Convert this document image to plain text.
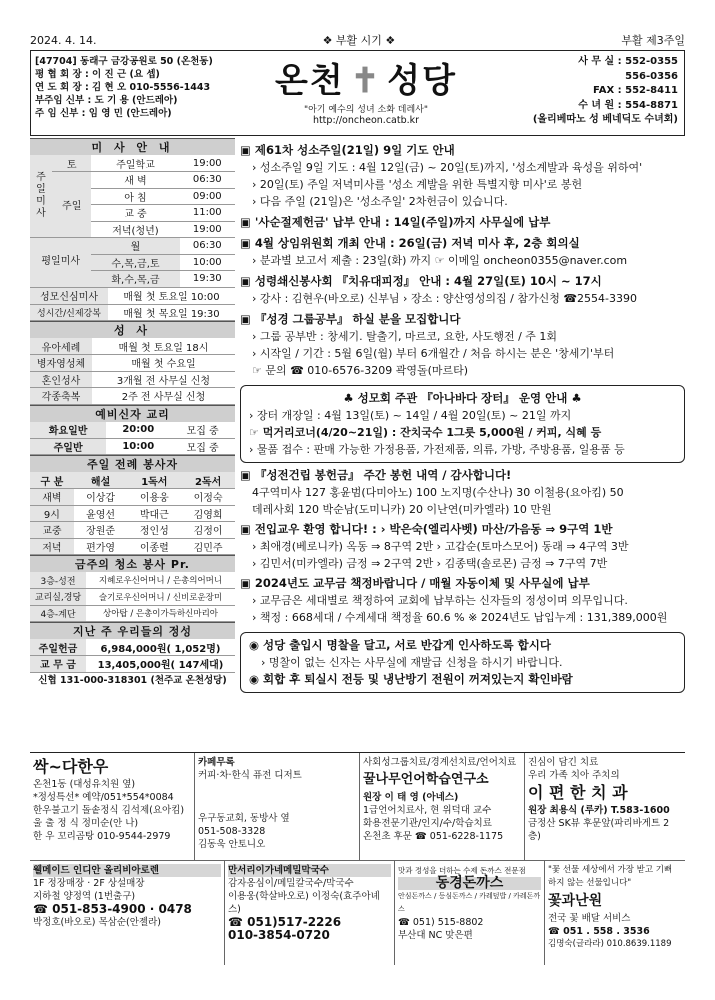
2024. 4. 14.	❖ 부활 시기 ❖	부활 제3주일
[47704] 동래구 금강공원로 50 (온천동)
평 협 회 장 : 이 진 근 (요 셉)
연 도 회 장 : 김 현 오 010-5556-1443
부주임 신부 : 도 기 용 (안드레아)
주 임 신부 : 임 영 민 (안드레아)
온천 ✝ 성당
"아기 예수의 성녀 소화 데레사"
http://oncheon.catb.kr
사 무 실 : 552-0355
556-0356
FAX : 552-8411
수 녀 원 : 554-8871
(올리베따노 성 베네딕도 수녀회)
미 사 안 내
주일미사	토	주일학교	19:00
	주일	새 벽	06:30
		아 침	09:00
		교 중	11:00
		저녁(청년)	19:00
평일미사		월	06:30
		수,목,금,토	10:00
		화,수,목,금	19:30
성모신심미사	매월 첫 토요일 10:00
성시간/신제강복	매월 첫 목요일 19:30
성 사
유아세례	매월 첫 토요일 18시
병자영성체	매월 첫 수요일
혼인성사	3개월 전 사무실 신청
각종축복	2주 전 사무실 신청
예비신자 교리
화요일반	20:00	모집 중
주일반	10:00	모집 중
주일 전례 봉사자
구 분	해설	1독서	2독서
새벽	이상갑	이용웅	이정숙
9시	윤영선	박대근	김영희
교중	장원준	정인성	김정이
저녁	편가영	이종렬	김민주
금주의 청소 봉사 Pr.
3층-성전	지혜로우신어머니 / 은총의어머니
교리실,경당	슬기로우신어머니 / 신비로운장미
4층-계단	상아탑 / 은총이가득하신마리아
지난 주 우리들의 정성
주일헌금	6,984,000원( 1,052명)
교 무 금	13,405,000원( 147세대)
신협 131-000-318301 (천주교 온천성당)
▣ 제61차 성소주일(21일) 9일 기도 안내
› 성소주일 9일 기도 : 4월 12일(금) ~ 20일(토)까지, '성소계발과 육성을 위하여'
› 20일(토) 주일 저녁미사를 '성소 계발을 위한 특별지향 미사'로 봉헌
› 다음 주일 (21일)은 '성소주일' 2차헌금이 있습니다.
▣ '사순절제헌금' 납부 안내 : 14일(주일)까지 사무실에 납부
▣ 4월 상임위원회 개최 안내 : 26일(금) 저녁 미사 후, 2층 회의실
› 분과별 보고서 제출 : 23일(화) 까지 ☞ 이메일 oncheon0355@naver.com
▣ 성령쇄신봉사회 『치유대피정』 안내 : 4월 27일(토) 10시 ~ 17시
› 강사 : 김현우(바오로) 신부님 › 장소 : 양산영성의집 / 참가신청 ☎2554-3390
▣ 『성경 그룹공부』 하실 분을 모집합니다
› 그룹 공부반 : 창세기. 탈출기, 마르코, 요한, 사도행전 / 주 1회
› 시작일 / 기간 : 5월 6일(월) 부터 6개월간 / 처음 하시는 분은 '창세기'부터
☞ 문의 ☎ 010-6576-3209 곽영돌(마르타)
♣ 성모회 주관 『아나바다 장터』 운영 안내 ♣
› 장터 개장일 : 4월 13일(토) ~ 14일 / 4월 20일(토) ~ 21일 까지
☞ 먹거리코너(4/20~21일) : 잔치국수 1그릇 5,000원 / 커피, 식혜 등
› 물품 접수 : 판매 가능한 가정용품, 가전제품, 의류, 가방, 주방용품, 일용품 등
▣ 『성전건립 봉헌금』 주간 봉헌 내역 / 감사합니다!
4구역미사 127 홍윤범(다미아노) 100 노지명(수산나) 30 이철용(요아킴) 50
데레사회 120 박순남(도미니카) 20 이난연(미카엘라) 10 만원
▣ 전입교우 환영 합니다! : › 박은숙(엘리사벳) 마산/가음동 ⇒ 9구역 1반
› 최애경(베로니카) 옥동 ⇒ 8구역 2반 › 고갑순(토마스모어) 동래 ⇒ 4구역 3반
› 김민서(미카엘라) 금정 ⇒ 2구역 2반 › 김종택(솔로몬) 금정 ⇒ 7구역 7반
▣ 2024년도 교무금 책정바랍니다 / 매월 자동이체 및 사무실에 납부
› 교무금은 세대별로 책정하여 교회에 납부하는 신자들의 정성이며 의무입니다.
› 책정 : 668세대 / 수계세대 책정율 60.6 % ※ 2024년도 납입누계 : 131,389,000원
◉ 성당 출입시 명찰을 달고, 서로 반갑게 인사하도록 합시다
› 명찰이 없는 신자는 사무실에 재발급 신청을 하시기 바랍니다.
◉ 회합 후 퇴실시 전등 및 냉난방기 전원이 꺼져있는지 확인바람
싹~다한우
온천1동 (대성유치원 옆)
*정성특선* 예약/051*554*0084
한우불고기 돌솥정식 김석제(요아킴)
울 출 정 식 정미순(안 나)
한 우 꼬리곰탕 010-9544-2979
카페무록
커피·차·한식 퓨전 디저트
우구동교회, 동방사 옆
051-508-3328
김동욱 안토니오
사회성그룹치료/경계선치료/언어치료
꿀나무언어학습연구소
원장 이 태 영 (아네스)
1급언어치료사, 현 위덕대 교수
화용전문기관/인지/수/학습치료
온천초 후문 ☎ 051-6228-1175
진심이 담긴 치료
우리 가족 치아 주치의
이 편 한 치 과
원장 최용식 (루카) T.583-1600
금정산 SK뷰 후문앞(파리바게트 2층)
웰메이드 인디안 올리비아로렌
1F 정장매장 · 2F 상설매장
지하철 양정역 (1번출구)
☎ 051-853-4900 · 0478
박정호(바오로) 목삼순(안젤라)
만서리이가네메밀막국수
감자옹심이/메밀칼국수/막국수
이용웅(학살바오로) 이정숙(효주아녜스)
☎ 051)517-2226
010-3854-0720
맛과 정성을 더하는 수제 돈까스 전문점
동경돈까스
안심돈까스 / 등심돈까스 / 카레덮밥 / 카레돈까스
☎ 051) 515-8802
부산대 NC 맞은편
"꽃 선물 세상에서 가장 받고 기뻐 하지 않는 선물입니다"
꽃과난원
전국 꽃 배달 서비스
☎ 051 . 558 . 3536
김명숙(글라라) 010.8639.1189
